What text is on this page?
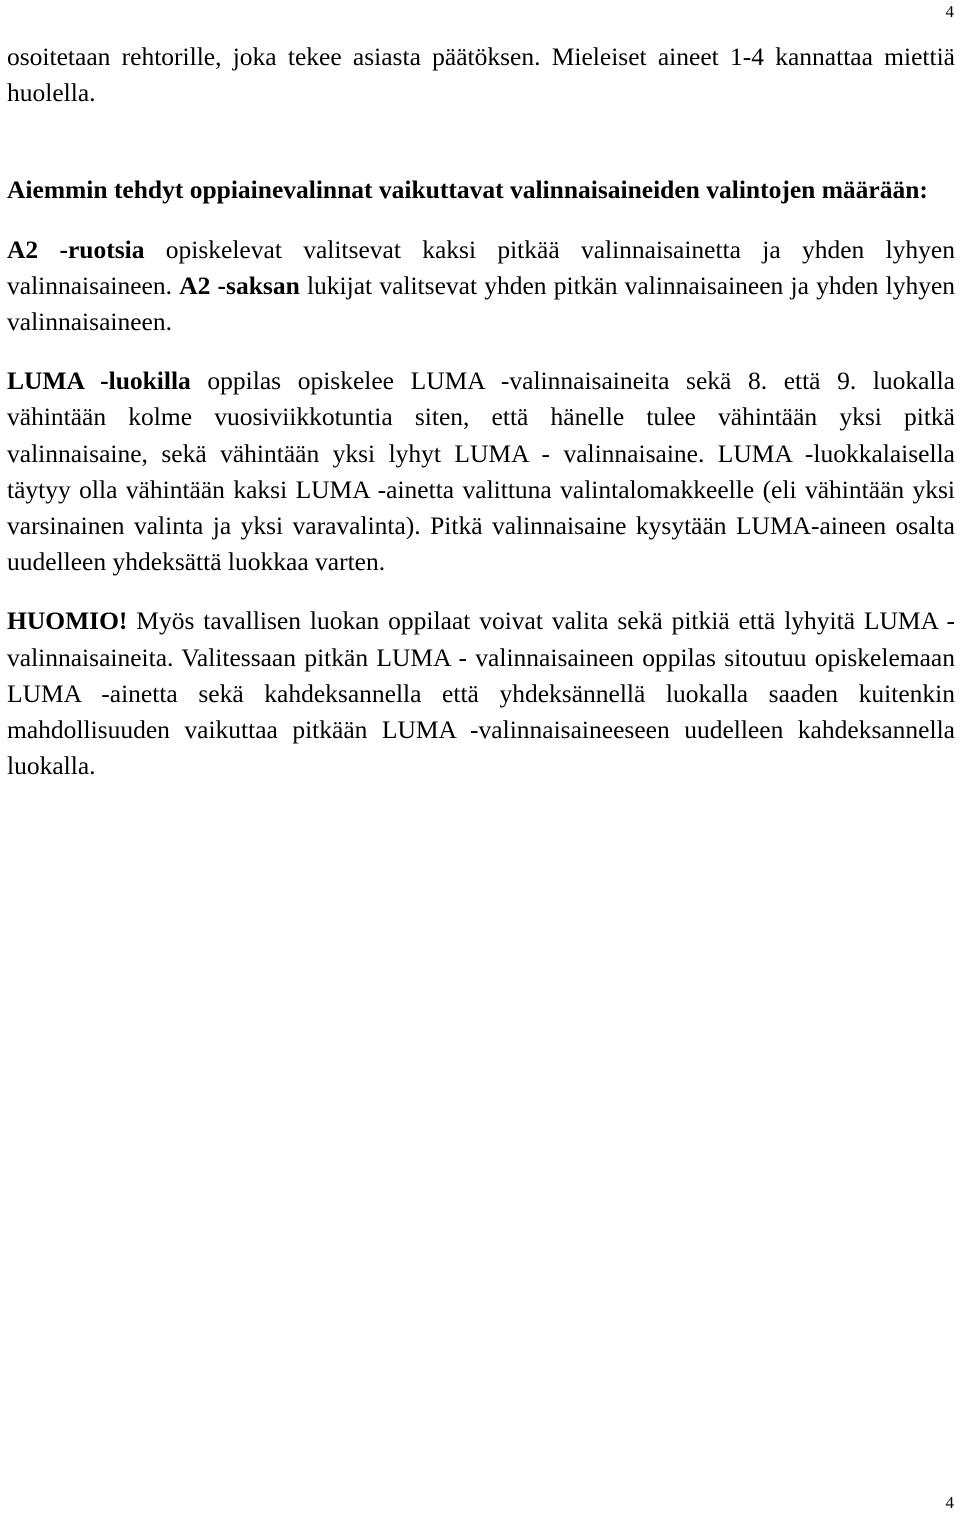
4

osoitetaan rehtorille, joka tekee asiasta päätöksen. Mieleiset aineet 1-4 kannattaa miettiä huolella.

Aiemmin tehdyt oppiainevalinnat vaikuttavat valinnaisaineiden valintojen määrään:

A2 -ruotsia opiskelevat valitsevat kaksi pitkää valinnaisainetta ja yhden lyhyen valinnaisaineen. A2 -saksan lukijat valitsevat yhden pitkän valinnaisaineen ja yhden lyhyen valinnaisaineen.

LUMA -luokilla oppilas opiskelee LUMA -valinnaisaineita sekä 8. että 9. luokalla vähintään kolme vuosiviikkotuntia siten, että hänelle tulee vähintään yksi pitkä valinnaisaine, sekä vähintään yksi lyhyt LUMA - valinnaisaine. LUMA -luokkalaisella täytyy olla vähintään kaksi LUMA -ainetta valittuna valintalomakkeelle (eli vähintään yksi varsinainen valinta ja yksi varavalinta). Pitkä valinnaisaine kysytään LUMA-aineen osalta uudelleen yhdeksättä luokkaa varten.

HUOMIO! Myös tavallisen luokan oppilaat voivat valita sekä pitkiä että lyhyitä LUMA -valinnaisaineita. Valitessaan pitkän LUMA - valinnaisaineen oppilas sitoutuu opiskelemaan LUMA -ainetta sekä kahdeksannella että yhdeksännellä luokalla saaden kuitenkin mahdollisuuden vaikuttaa pitkään LUMA -valinnaisaineeseen uudelleen kahdeksannella luokalla.

4
